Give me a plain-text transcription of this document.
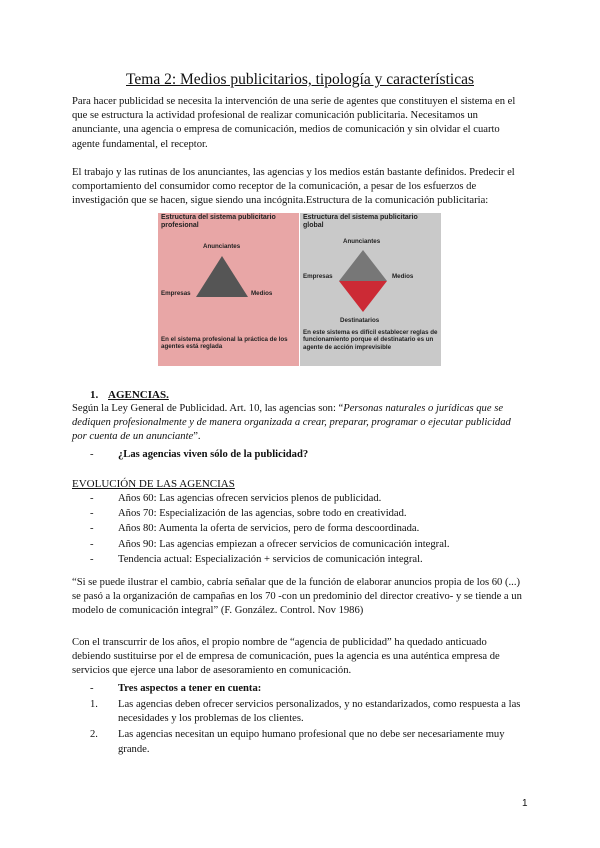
Tema 2: Medios publicitarios, tipología y características

Para hacer publicidad se necesita la intervención de una serie de agentes que constituyen el sistema en el que se estructura la actividad profesional de realizar comunicación publicitaria. Necesitamos un anunciante, una agencia o empresa de comunicación, medios de comunicación y sin olvidar el cuarto agente fundamental, el receptor.

El trabajo y las rutinas de los anunciantes, las agencias y los medios están bastante definidos. Predecir el comportamiento del consumidor como receptor de la comunicación, a pesar de los esfuerzos de investigación que se hacen, sigue siendo una incógnita.Estructura de la comunicación publicitaria:

Estructura del sistema publicitario profesional
Anunciantes
Empresas	Medios
En el sistema profesional la práctica de los agentes está reglada
Estructura del sistema publicitario global
Anunciantes
Empresas	Medios
Destinatarios
En este sistema es difícil establecer reglas de funcionamiento porque el destinatario es un agente de acción imprevisible
1. AGENCIAS.

Según la Ley General de Publicidad. Art. 10, las agencias son: “Personas naturales o jurídicas que se dediquen profesionalmente y de manera organizada a crear, preparar, programar o ejecutar publicidad por cuenta de un anunciante”.

- ¿Las agencias viven sólo de la publicidad?
EVOLUCIÓN DE LAS AGENCIAS
- Años 60: Las agencias ofrecen servicios plenos de publicidad.
- Años 70: Especialización de las agencias, sobre todo en creatividad.
- Años 80: Aumenta la oferta de servicios, pero de forma descoordinada.
- Años 90: Las agencias empiezan a ofrecer servicios de comunicación integral.
- Tendencia actual: Especialización + servicios de comunicación integral.

“Si se puede ilustrar el cambio, cabría señalar que de la función de elaborar anuncios propia de los 60 (...) se pasó a la organización de campañas en los 70 -con un predominio del director creativo- y se tiende a un modelo de comunicación integral” (F. González. Control. Nov 1986)

Con el transcurrir de los años, el propio nombre de “agencia de publicidad” ha quedado anticuado debiendo sustituirse por el de empresa de comunicación, pues la agencia es una auténtica empresa de servicios que ejerce una labor de asesoramiento en comunicación.

- Tres aspectos a tener en cuenta:
1. Las agencias deben ofrecer servicios personalizados, y no estandarizados, como respuesta a las necesidades y los problemas de los clientes.
2. Las agencias necesitan un equipo humano profesional que no debe ser necesariamente muy grande.
1
